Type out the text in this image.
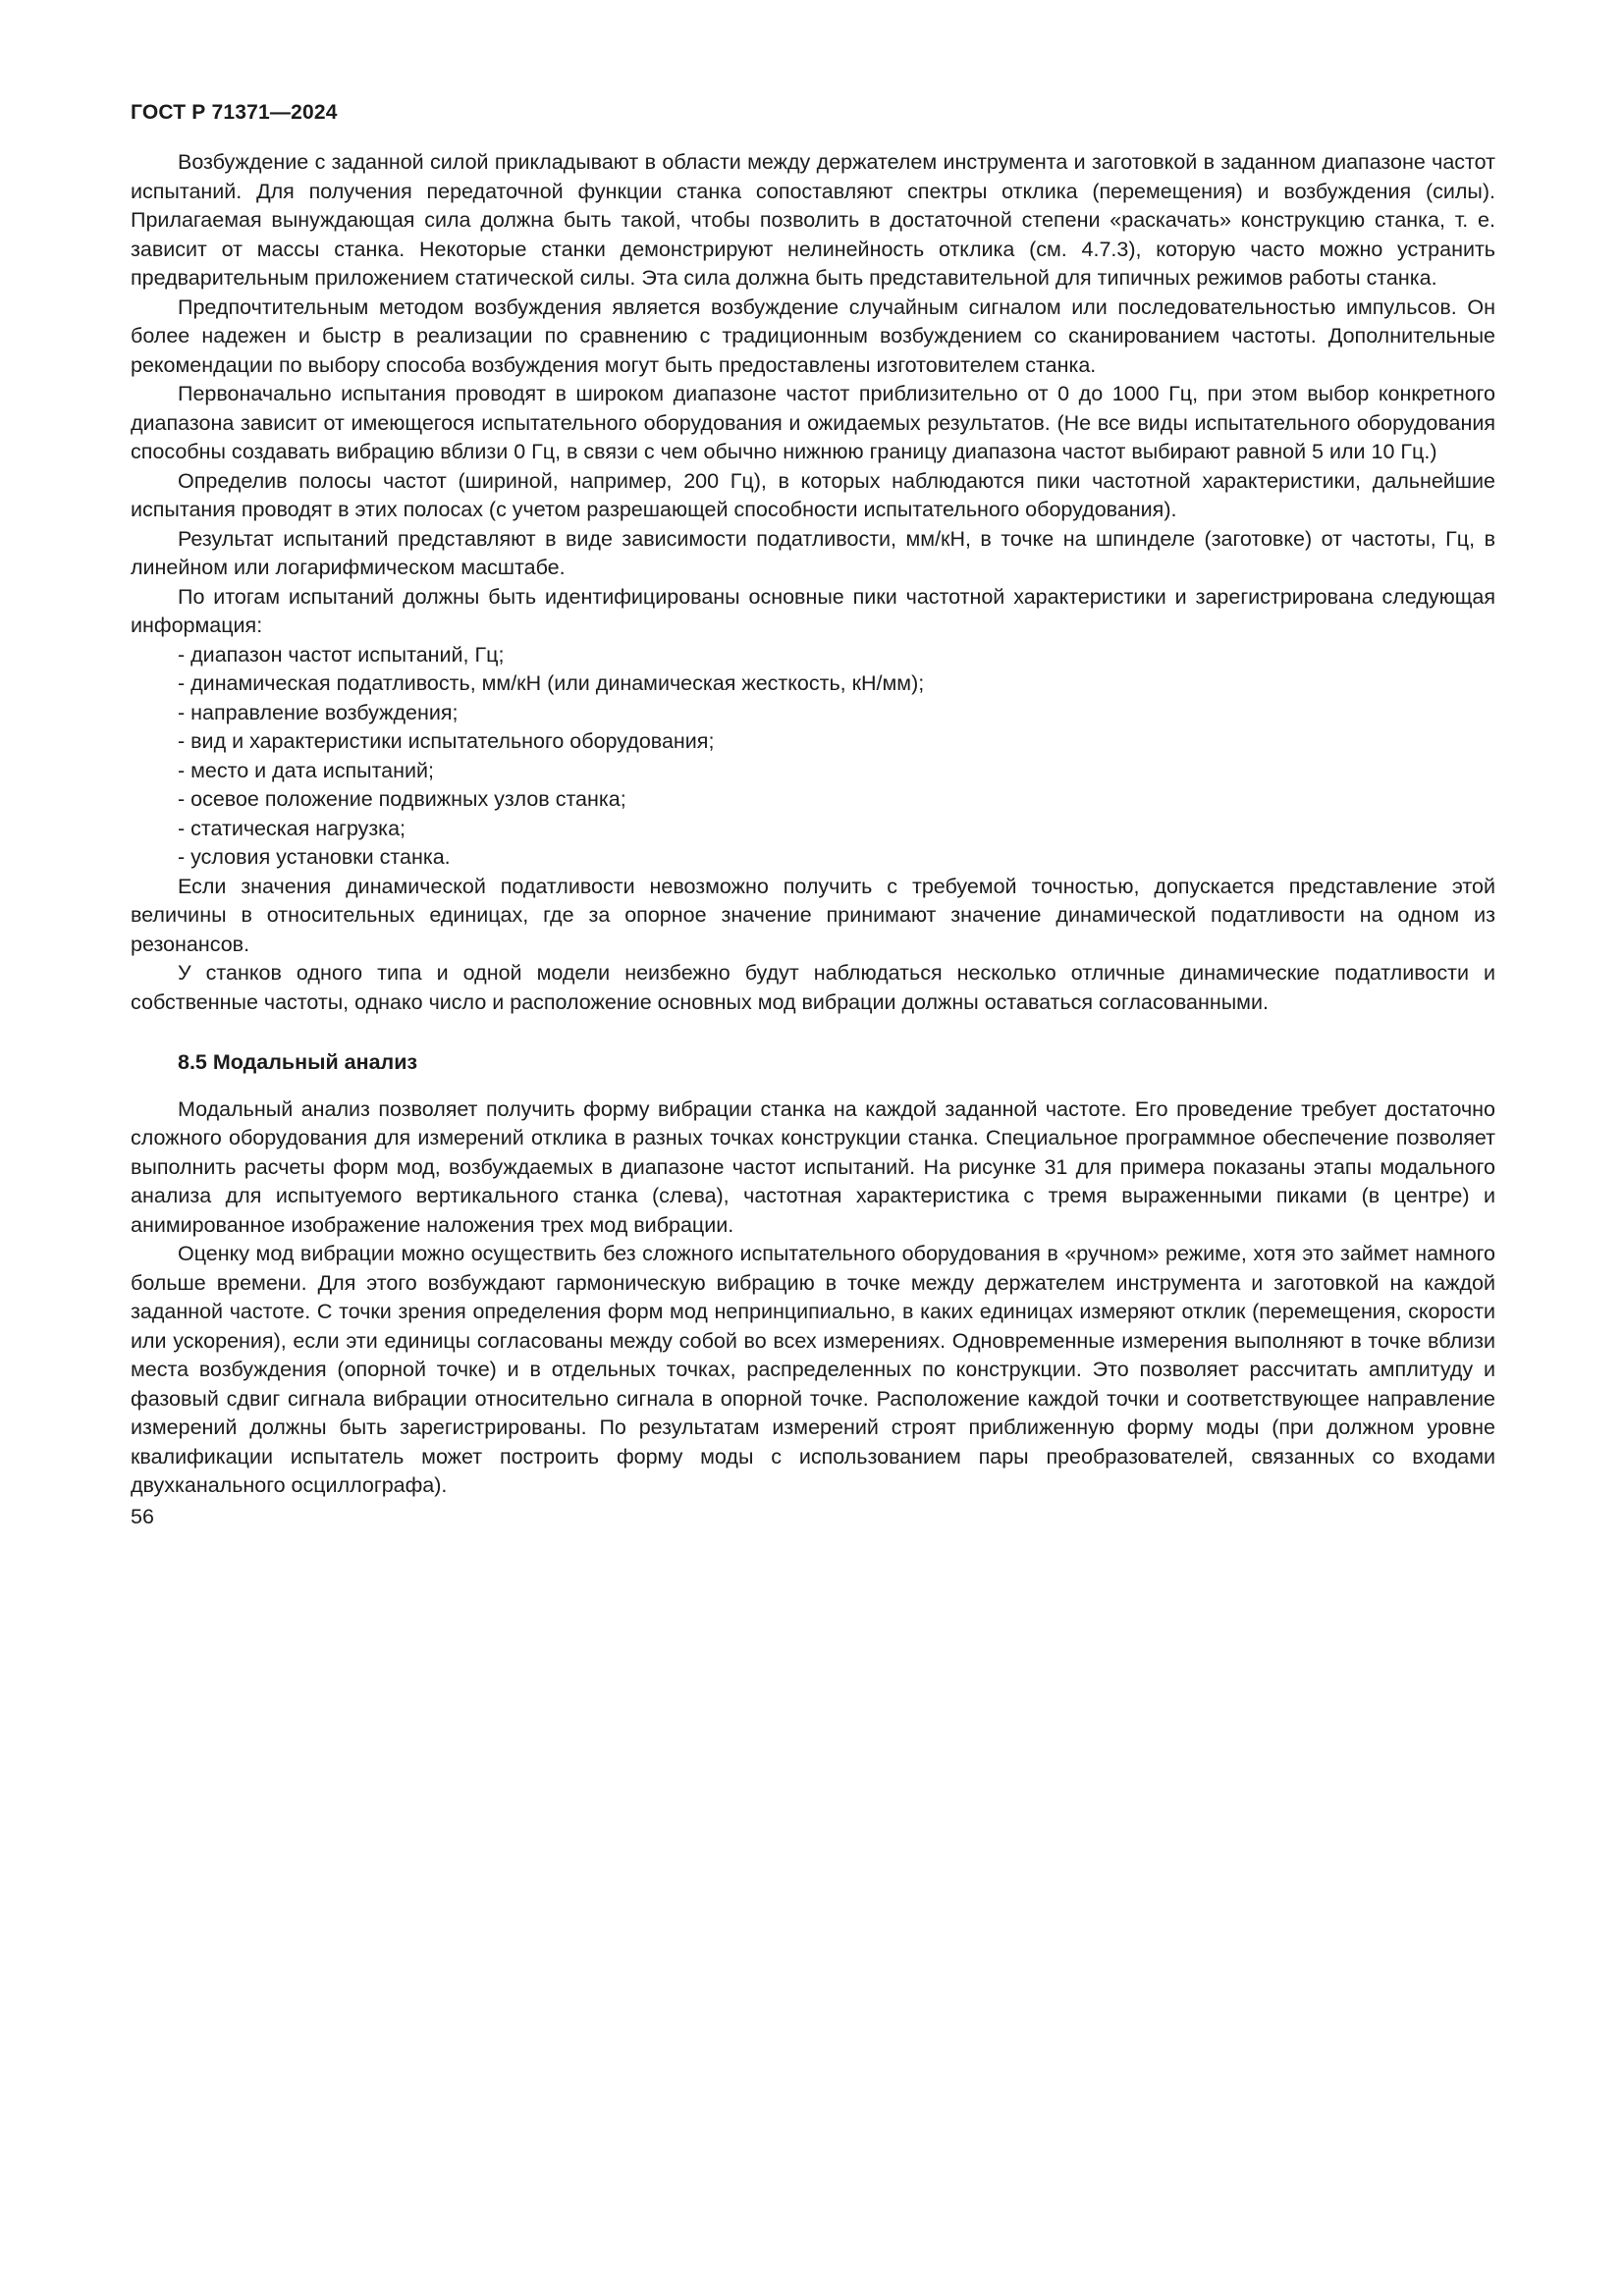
ГОСТ Р 71371—2024

Возбуждение с заданной силой прикладывают в области между держателем инструмента и заготовкой в заданном диапазоне частот испытаний. Для получения передаточной функции станка сопоставляют спектры отклика (перемещения) и возбуждения (силы). Прилагаемая вынуждающая сила должна быть такой, чтобы позволить в достаточной степени «раскачать» конструкцию станка, т. е. зависит от массы станка. Некоторые станки демонстрируют нелинейность отклика (см. 4.7.3), которую часто можно устранить предварительным приложением статической силы. Эта сила должна быть представительной для типичных режимов работы станка.

Предпочтительным методом возбуждения является возбуждение случайным сигналом или последовательностью импульсов. Он более надежен и быстр в реализации по сравнению с традиционным возбуждением со сканированием частоты. Дополнительные рекомендации по выбору способа возбуждения могут быть предоставлены изготовителем станка.

Первоначально испытания проводят в широком диапазоне частот приблизительно от 0 до 1000 Гц, при этом выбор конкретного диапазона зависит от имеющегося испытательного оборудования и ожидаемых результатов. (Не все виды испытательного оборудования способны создавать вибрацию вблизи 0 Гц, в связи с чем обычно нижнюю границу диапазона частот выбирают равной 5 или 10 Гц.)

Определив полосы частот (шириной, например, 200 Гц), в которых наблюдаются пики частотной характеристики, дальнейшие испытания проводят в этих полосах (с учетом разрешающей способности испытательного оборудования).

Результат испытаний представляют в виде зависимости податливости, мм/кН, в точке на шпинделе (заготовке) от частоты, Гц, в линейном или логарифмическом масштабе.

По итогам испытаний должны быть идентифицированы основные пики частотной характеристики и зарегистрирована следующая информация:

- диапазон частот испытаний, Гц;

- динамическая податливость, мм/кН (или динамическая жесткость, кН/мм);

- направление возбуждения;

- вид и характеристики испытательного оборудования;

- место и дата испытаний;

- осевое положение подвижных узлов станка;

- статическая нагрузка;

- условия установки станка.

Если значения динамической податливости невозможно получить с требуемой точностью, допускается представление этой величины в относительных единицах, где за опорное значение принимают значение динамической податливости на одном из резонансов.

У станков одного типа и одной модели неизбежно будут наблюдаться несколько отличные динамические податливости и собственные частоты, однако число и расположение основных мод вибрации должны оставаться согласованными.

8.5 Модальный анализ

Модальный анализ позволяет получить форму вибрации станка на каждой заданной частоте. Его проведение требует достаточно сложного оборудования для измерений отклика в разных точках конструкции станка. Специальное программное обеспечение позволяет выполнить расчеты форм мод, возбуждаемых в диапазоне частот испытаний. На рисунке 31 для примера показаны этапы модального анализа для испытуемого вертикального станка (слева), частотная характеристика с тремя выраженными пиками (в центре) и анимированное изображение наложения трех мод вибрации.

Оценку мод вибрации можно осуществить без сложного испытательного оборудования в «ручном» режиме, хотя это займет намного больше времени. Для этого возбуждают гармоническую вибрацию в точке между держателем инструмента и заготовкой на каждой заданной частоте. С точки зрения определения форм мод непринципиально, в каких единицах измеряют отклик (перемещения, скорости или ускорения), если эти единицы согласованы между собой во всех измерениях. Одновременные измерения выполняют в точке вблизи места возбуждения (опорной точке) и в отдельных точках, распределенных по конструкции. Это позволяет рассчитать амплитуду и фазовый сдвиг сигнала вибрации относительно сигнала в опорной точке. Расположение каждой точки и соответствующее направление измерений должны быть зарегистрированы. По результатам измерений строят приближенную форму моды (при должном уровне квалификации испытатель может построить форму моды с использованием пары преобразователей, связанных со входами двухканального осциллографа).

56
